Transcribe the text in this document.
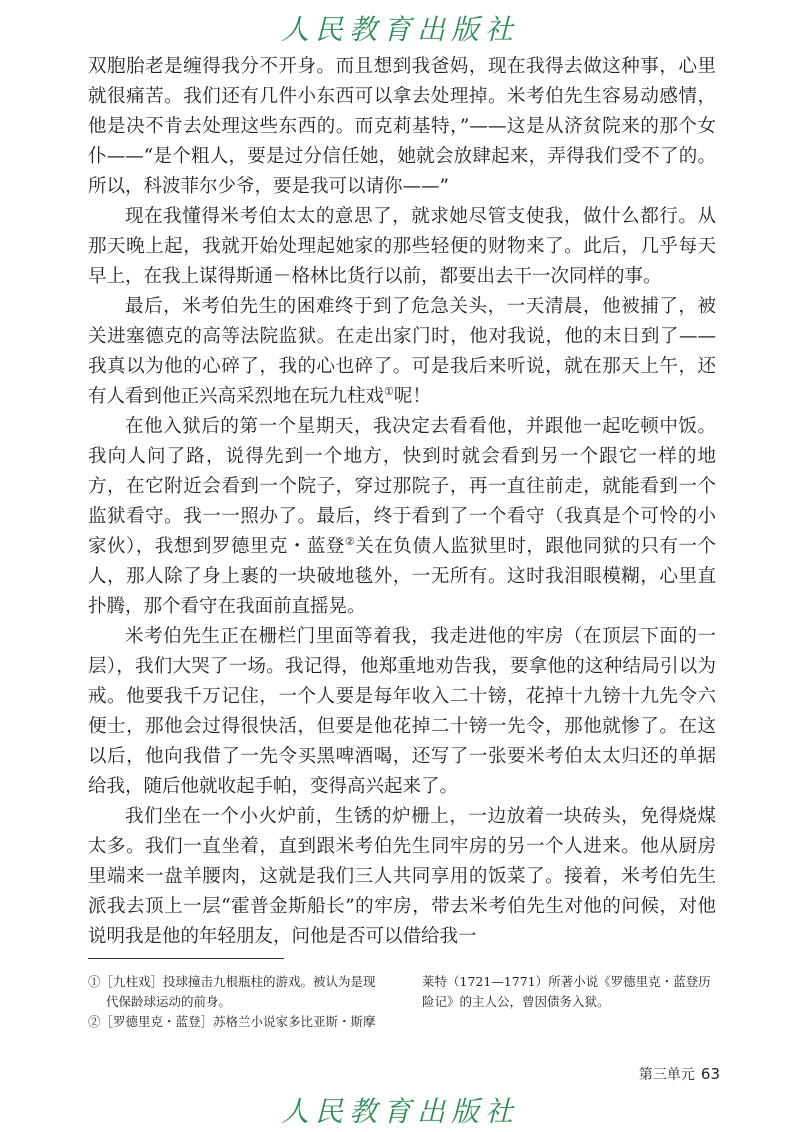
人民教育出版社

双胞胎老是缠得我分不开身。而且想到我爸妈，现在我得去做这种事，心里就很痛苦。我们还有几件小东西可以拿去处理掉。米考伯先生容易动感情，他是决不肯去处理这些东西的。而克莉基特，”——这是从济贫院来的那个女仆——“是个粗人，要是过分信任她，她就会放肆起来，弄得我们受不了的。所以，科波菲尔少爷，要是我可以请你——”

现在我懂得米考伯太太的意思了，就求她尽管支使我，做什么都行。从那天晚上起，我就开始处理起她家的那些轻便的财物来了。此后，几乎每天早上，在我上谋得斯通－格林比货行以前，都要出去干一次同样的事。

最后，米考伯先生的困难终于到了危急关头，一天清晨，他被捕了，被关进塞德克的高等法院监狱。在走出家门时，他对我说，他的末日到了——我真以为他的心碎了，我的心也碎了。可是我后来听说，就在那天上午，还有人看到他正兴高采烈地在玩九柱戏①呢！

在他入狱后的第一个星期天，我决定去看看他，并跟他一起吃顿中饭。我向人问了路，说得先到一个地方，快到时就会看到另一个跟它一样的地方，在它附近会看到一个院子，穿过那院子，再一直往前走，就能看到一个监狱看守。我一一照办了。最后，终于看到了一个看守（我真是个可怜的小家伙），我想到罗德里克・蓝登②关在负债人监狱里时，跟他同狱的只有一个人，那人除了身上裹的一块破地毯外，一无所有。这时我泪眼模糊，心里直扑腾，那个看守在我面前直摇晃。

米考伯先生正在栅栏门里面等着我，我走进他的牢房（在顶层下面的一层），我们大哭了一场。我记得，他郑重地劝告我，要拿他的这种结局引以为戒。他要我千万记住，一个人要是每年收入二十镑，花掉十九镑十九先令六便士，那他会过得很快活，但要是他花掉二十镑一先令，那他就惨了。在这以后，他向我借了一先令买黑啤酒喝，还写了一张要米考伯太太归还的单据给我，随后他就收起手帕，变得高兴起来了。

我们坐在一个小火炉前，生锈的炉栅上，一边放着一块砖头，免得烧煤太多。我们一直坐着，直到跟米考伯先生同牢房的另一个人进来。他从厨房里端来一盘羊腰肉，这就是我们三人共同享用的饭菜了。接着，米考伯先生派我去顶上一层“霍普金斯船长”的牢房，带去米考伯先生对他的问候，对他说明我是他的年轻朋友，问他是否可以借给我一

①［九柱戏］投球撞击九根瓶柱的游戏。被认为是现
代保龄球运动的前身。
②［罗德里克・蓝登］苏格兰小说家多比亚斯・斯摩
莱特（1721—1771）所著小说《罗德里克・蓝登历
险记》的主人公，曾因债务入狱。
第三单元 63
人民教育出版社
